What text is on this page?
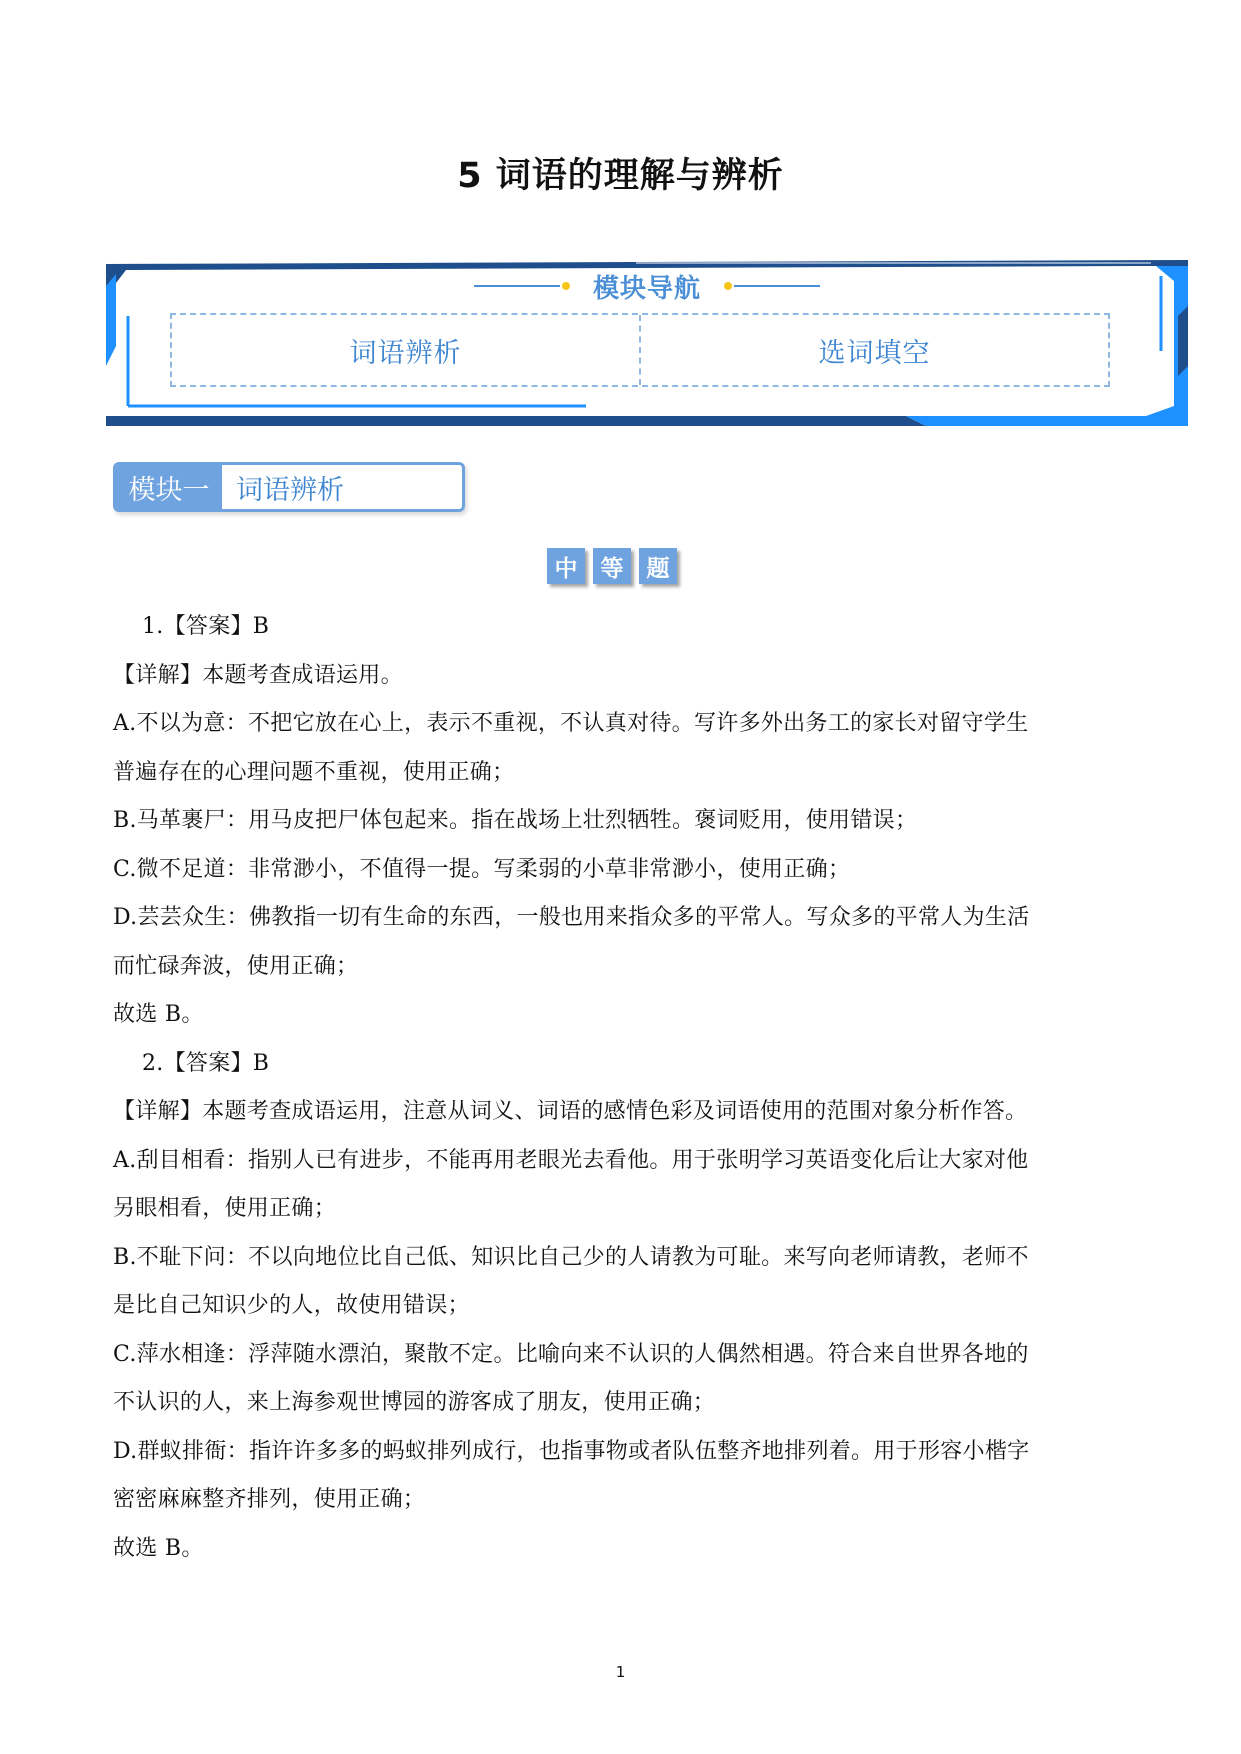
5 词语的理解与辨析
模块导航
词语辨析	选词填空
模块一 词语辨析
中	等	题
1.【答案】B
【详解】本题考查成语运用。
A.不以为意：不把它放在心上，表示不重视，不认真对待。写许多外出务工的家长对留守学生
普遍存在的心理问题不重视，使用正确；
B.马革裹尸：用马皮把尸体包起来。指在战场上壮烈牺牲。褒词贬用，使用错误；
C.微不足道：非常渺小，不值得一提。写柔弱的小草非常渺小，使用正确；
D.芸芸众生：佛教指一切有生命的东西，一般也用来指众多的平常人。写众多的平常人为生活
而忙碌奔波，使用正确；
故选 B。
2.【答案】B
【详解】本题考查成语运用，注意从词义、词语的感情色彩及词语使用的范围对象分析作答。
A.刮目相看：指别人已有进步，不能再用老眼光去看他。用于张明学习英语变化后让大家对他
另眼相看，使用正确；
B.不耻下问：不以向地位比自己低、知识比自己少的人请教为可耻。来写向老师请教，老师不
是比自己知识少的人，故使用错误；
C.萍水相逢：浮萍随水漂泊，聚散不定。比喻向来不认识的人偶然相遇。符合来自世界各地的
不认识的人，来上海参观世博园的游客成了朋友，使用正确；
D.群蚁排衙：指许许多多的蚂蚁排列成行，也指事物或者队伍整齐地排列着。用于形容小楷字
密密麻麻整齐排列，使用正确；
故选 B。
1
